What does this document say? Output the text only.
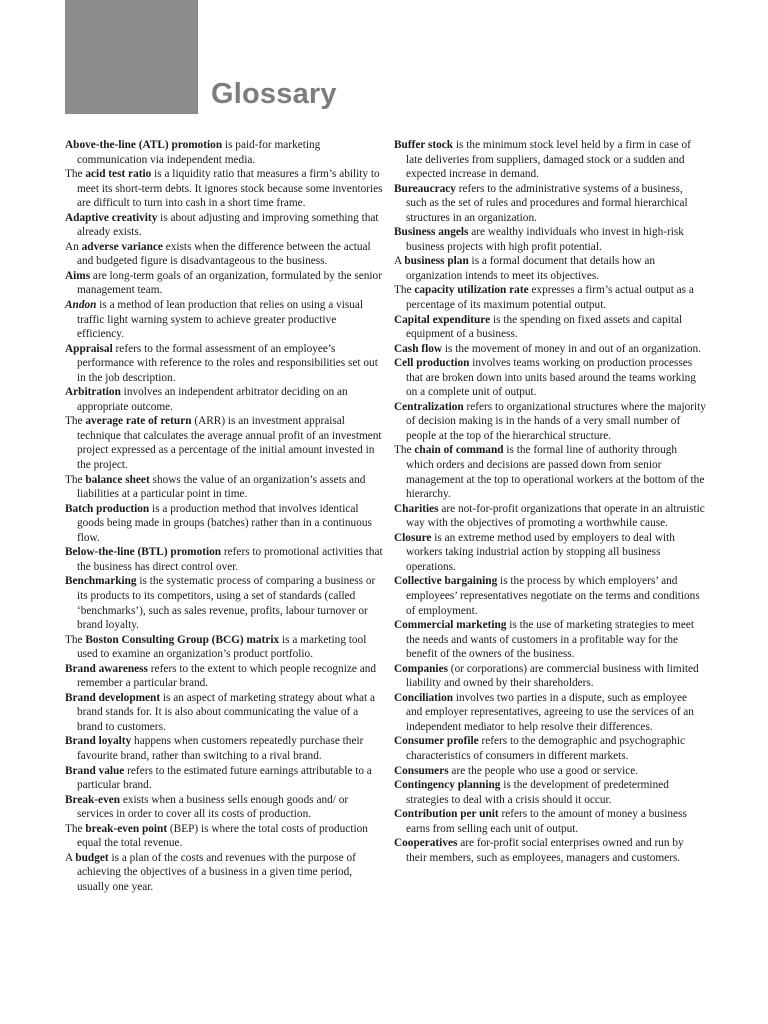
Glossary

Above-the-line (ATL) promotion is paid-for marketing communication via independent media.

The acid test ratio is a liquidity ratio that measures a firm’s ability to meet its short-term debts. It ignores stock because some inventories are difficult to turn into cash in a short time frame.

Adaptive creativity is about adjusting and improving something that already exists.

An adverse variance exists when the difference between the actual and budgeted figure is disadvantageous to the business.

Aims are long-term goals of an organization, formulated by the senior management team.

Andon is a method of lean production that relies on using a visual traffic light warning system to achieve greater productive efficiency.

Appraisal refers to the formal assessment of an employee’s performance with reference to the roles and responsibilities set out in the job description.

Arbitration involves an independent arbitrator deciding on an appropriate outcome.

The average rate of return (ARR) is an investment appraisal technique that calculates the average annual profit of an investment project expressed as a percentage of the initial amount invested in the project.

The balance sheet shows the value of an organization’s assets and liabilities at a particular point in time.

Batch production is a production method that involves identical goods being made in groups (batches) rather than in a continuous flow.

Below-the-line (BTL) promotion refers to promotional activities that the business has direct control over.

Benchmarking is the systematic process of comparing a business or its products to its competitors, using a set of standards (called ‘benchmarks’), such as sales revenue, profits, labour turnover or brand loyalty.

The Boston Consulting Group (BCG) matrix is a marketing tool used to examine an organization’s product portfolio.

Brand awareness refers to the extent to which people recognize and remember a particular brand.

Brand development is an aspect of marketing strategy about what a brand stands for. It is also about communicating the value of a brand to customers.

Brand loyalty happens when customers repeatedly purchase their favourite brand, rather than switching to a rival brand.

Brand value refers to the estimated future earnings attributable to a particular brand.

Break-even exists when a business sells enough goods and/ or services in order to cover all its costs of production.

The break-even point (BEP) is where the total costs of production equal the total revenue.

A budget is a plan of the costs and revenues with the purpose of achieving the objectives of a business in a given time period, usually one year.

Buffer stock is the minimum stock level held by a firm in case of late deliveries from suppliers, damaged stock or a sudden and expected increase in demand.

Bureaucracy refers to the administrative systems of a business, such as the set of rules and procedures and formal hierarchical structures in an organization.

Business angels are wealthy individuals who invest in high-risk business projects with high profit potential.

A business plan is a formal document that details how an organization intends to meet its objectives.

The capacity utilization rate expresses a firm’s actual output as a percentage of its maximum potential output.

Capital expenditure is the spending on fixed assets and capital equipment of a business.

Cash flow is the movement of money in and out of an organization.

Cell production involves teams working on production processes that are broken down into units based around the teams working on a complete unit of output.

Centralization refers to organizational structures where the majority of decision making is in the hands of a very small number of people at the top of the hierarchical structure.

The chain of command is the formal line of authority through which orders and decisions are passed down from senior management at the top to operational workers at the bottom of the hierarchy.

Charities are not-for-profit organizations that operate in an altruistic way with the objectives of promoting a worthwhile cause.

Closure is an extreme method used by employers to deal with workers taking industrial action by stopping all business operations.

Collective bargaining is the process by which employers’ and employees’ representatives negotiate on the terms and conditions of employment.

Commercial marketing is the use of marketing strategies to meet the needs and wants of customers in a profitable way for the benefit of the owners of the business.

Companies (or corporations) are commercial business with limited liability and owned by their shareholders.

Conciliation involves two parties in a dispute, such as employee and employer representatives, agreeing to use the services of an independent mediator to help resolve their differences.

Consumer profile refers to the demographic and psychographic characteristics of consumers in different markets.

Consumers are the people who use a good or service.

Contingency planning is the development of predetermined strategies to deal with a crisis should it occur.

Contribution per unit refers to the amount of money a business earns from selling each unit of output.

Cooperatives are for-profit social enterprises owned and run by their members, such as employees, managers and customers.
